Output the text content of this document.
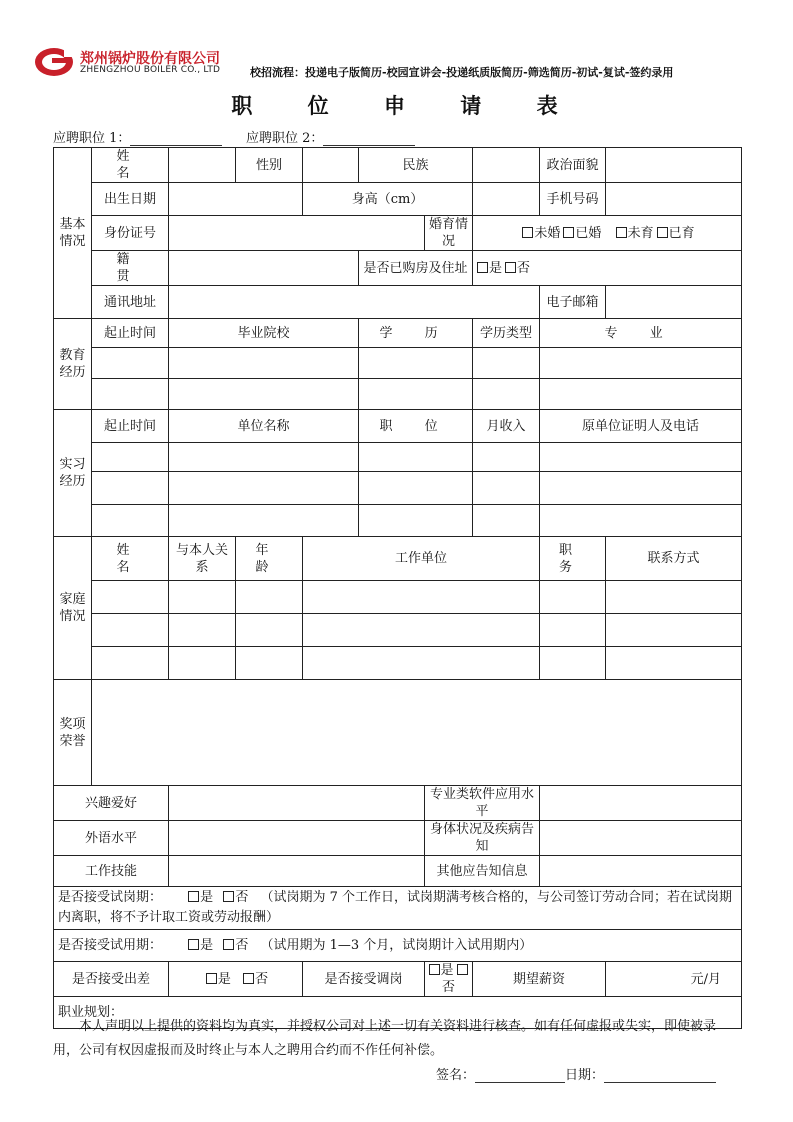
郑州锅炉股份有限公司
ZHENGZHOU BOILER CO., LTD	校招流程：投递电子版简历-校园宣讲会-投递纸质版简历-筛选简历-初试-复试-签约录用
职 位 申 请 表
应聘职位 1：	应聘职位 2：
基本情况	姓 名		性别		民族			政治面貌		
	出生日期			身高（cm）				手机号码		
	身份证号					婚育情况	未婚 已婚 未育 已育			
	籍 贯				是否已购房及住址		是 否			
	通讯地址							电子邮箱		
教育经历	起止时间	毕业院校			学 历		学历类型	专 业		

实习经历	起止时间	单位名称			职 位		月收入	原单位证明人及电话		

家庭情况	姓 名	与本人关系	年 龄	工作单位				职 务	联系方式	

奖项荣誉										
兴趣爱好						专业类软件应用水平				
外语水平						身体状况及疾病告知				
工作技能						其他应告知信息				
是否接受试岗期： 是 否 （试岗期为 7 个工作日，试岗期满考核合格的，与公司签订劳动合同；若在试岗期内离职，将不予计取工资或劳动报酬）										
是否接受试用期： 是 否 （试用期为 1—3 个月，试岗期计入试用期内）										
是否接受出差		是 否		是否接受调岗		是否	期望薪资		元/月	
职业规划：										
本人声明以上提供的资料均为真实，并授权公司对上述一切有关资料进行核查。如有任何虚报或失实，即使被录用，公司有权因虚报而及时终止与本人之聘用合约而不作任何补偿。
签名：	日期：
